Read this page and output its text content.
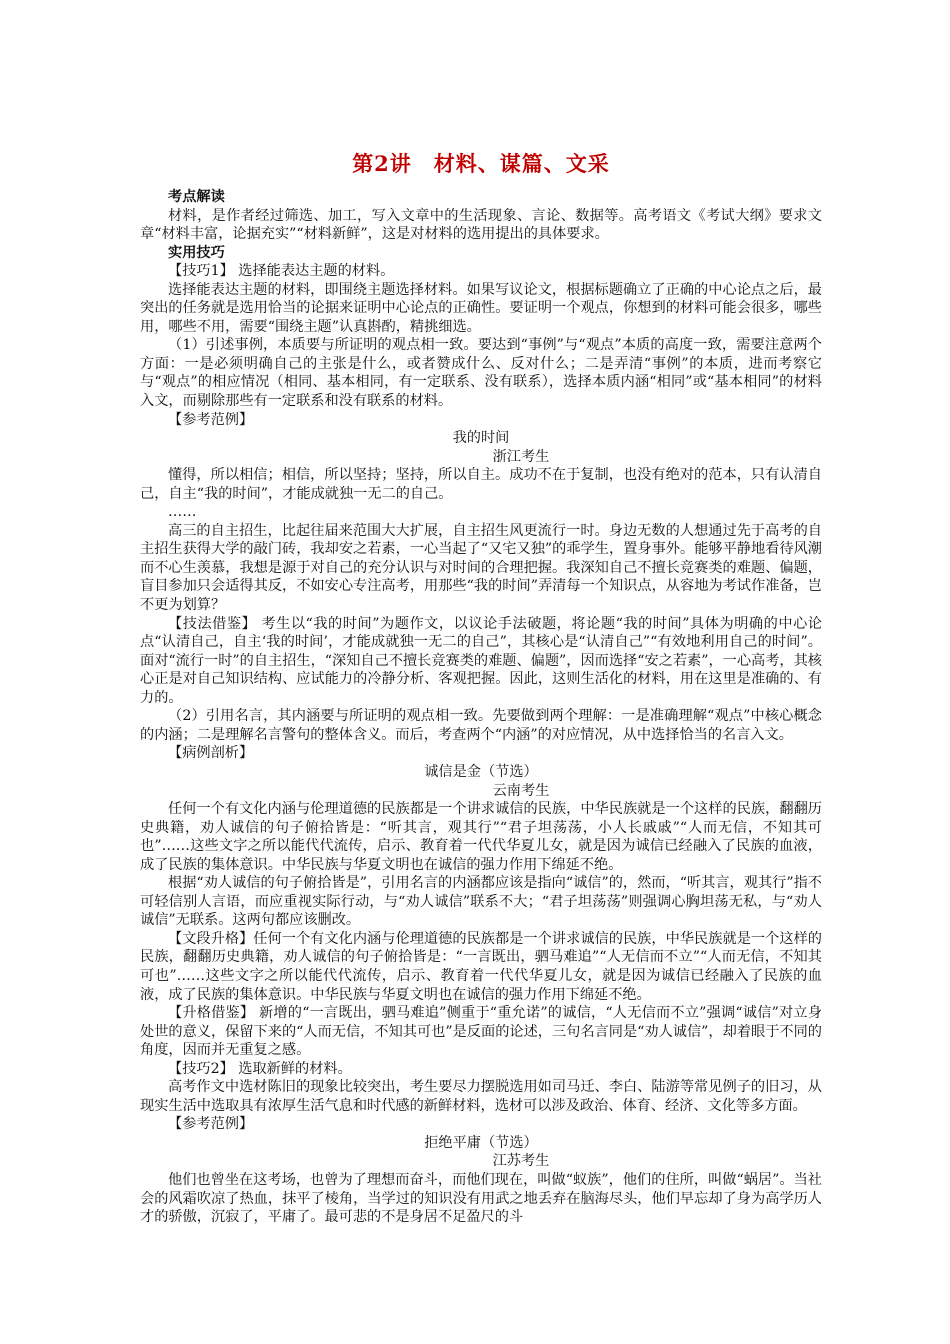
第2讲　材料、谋篇、文采

考点解读

材料，是作者经过筛选、加工，写入文章中的生活现象、言论、数据等。高考语文《考试大纲》要求文章“材料丰富，论据充实”“材料新鲜”，这是对材料的选用提出的具体要求。

实用技巧

【技巧1】 选择能表达主题的材料。

选择能表达主题的材料，即围绕主题选择材料。如果写议论文，根据标题确立了正确的中心论点之后，最突出的任务就是选用恰当的论据来证明中心论点的正确性。要证明一个观点，你想到的材料可能会很多，哪些用，哪些不用，需要“围绕主题”认真斟酌，精挑细选。

（1）引述事例，本质要与所证明的观点相一致。要达到“事例”与“观点”本质的高度一致，需要注意两个方面：一是必须明确自己的主张是什么，或者赞成什么、反对什么；二是弄清“事例”的本质，进而考察它与“观点”的相应情况（相同、基本相同，有一定联系、没有联系），选择本质内涵“相同”或“基本相同”的材料入文，而剔除那些有一定联系和没有联系的材料。

【参考范例】

我的时间

浙江考生

懂得，所以相信；相信，所以坚持；坚持，所以自主。成功不在于复制，也没有绝对的范本，只有认清自己，自主“我的时间”，才能成就独一无二的自己。

……

高三的自主招生，比起往届来范围大大扩展，自主招生风更流行一时。身边无数的人想通过先于高考的自主招生获得大学的敲门砖，我却安之若素，一心当起了“又宅又独”的乖学生，置身事外。能够平静地看待风潮而不心生羡慕，我想是源于对自己的充分认识与对时间的合理把握。我深知自己不擅长竞赛类的难题、偏题，盲目参加只会适得其反，不如安心专注高考，用那些“我的时间”弄清每一个知识点，从容地为考试作准备，岂不更为划算？

【技法借鉴】 考生以“我的时间”为题作文，以议论手法破题，将论题“我的时间”具体为明确的中心论点“认清自己，自主‘我的时间’，才能成就独一无二的自己”，其核心是“认清自己”“有效地利用自己的时间”。面对“流行一时”的自主招生，“深知自己不擅长竞赛类的难题、偏题”，因而选择“安之若素”，一心高考，其核心正是对自己知识结构、应试能力的冷静分析、客观把握。因此，这则生活化的材料，用在这里是准确的、有力的。

（2）引用名言，其内涵要与所证明的观点相一致。先要做到两个理解：一是准确理解“观点”中核心概念的内涵；二是理解名言警句的整体含义。而后，考查两个“内涵”的对应情况，从中选择恰当的名言入文。

【病例剖析】

诚信是金（节选）

云南考生

任何一个有文化内涵与伦理道德的民族都是一个讲求诚信的民族，中华民族就是一个这样的民族，翻翻历史典籍，劝人诚信的句子俯拾皆是：“听其言，观其行”“君子坦荡荡，小人长戚戚”“人而无信，不知其可也”……这些文字之所以能代代流传，启示、教育着一代代华夏儿女，就是因为诚信已经融入了民族的血液，成了民族的集体意识。中华民族与华夏文明也在诚信的强力作用下绵延不绝。

根据“劝人诚信的句子俯拾皆是”，引用名言的内涵都应该是指向“诚信”的，然而，“听其言，观其行”指不可轻信别人言语，而应重视实际行动，与“劝人诚信”联系不大；“君子坦荡荡”则强调心胸坦荡无私，与“劝人诚信”无联系。这两句都应该删改。

【文段升格】任何一个有文化内涵与伦理道德的民族都是一个讲求诚信的民族，中华民族就是一个这样的民族，翻翻历史典籍，劝人诚信的句子俯拾皆是：“一言既出，驷马难追”“人无信而不立”“人而无信，不知其可也”……这些文字之所以能代代流传，启示、教育着一代代华夏儿女，就是因为诚信已经融入了民族的血液，成了民族的集体意识。中华民族与华夏文明也在诚信的强力作用下绵延不绝。

【升格借鉴】 新增的“一言既出，驷马难追”侧重于“重允诺”的诚信，“人无信而不立”强调“诚信”对立身处世的意义，保留下来的“人而无信，不知其可也”是反面的论述，三句名言同是“劝人诚信”，却着眼于不同的角度，因而并无重复之感。

【技巧2】 选取新鲜的材料。

高考作文中选材陈旧的现象比较突出，考生要尽力摆脱选用如司马迁、李白、陆游等常见例子的旧习，从现实生活中选取具有浓厚生活气息和时代感的新鲜材料，选材可以涉及政治、体育、经济、文化等多方面。

【参考范例】

拒绝平庸（节选）

江苏考生

他们也曾坐在这考场，也曾为了理想而奋斗，而他们现在，叫做“蚁族”，他们的住所，叫做“蜗居”。当社会的风霜吹凉了热血，抹平了棱角，当学过的知识没有用武之地丢弃在脑海尽头，他们早忘却了身为高学历人才的骄傲，沉寂了，平庸了。最可悲的不是身居不足盈尺的斗
